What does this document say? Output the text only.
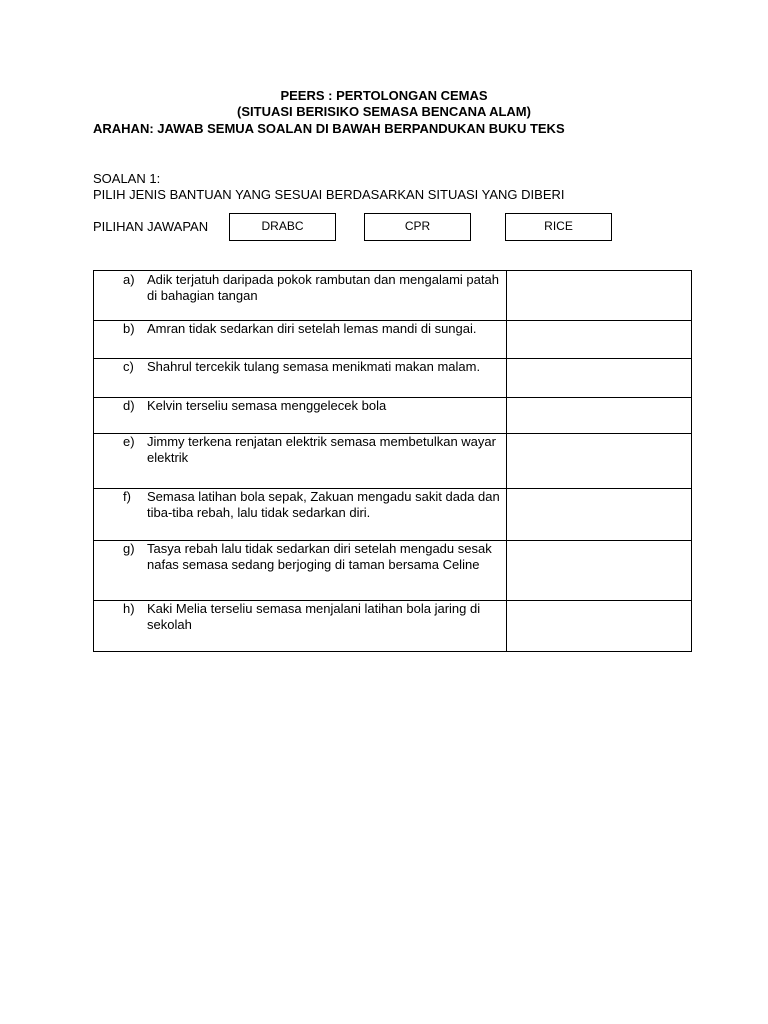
PEERS : PERTOLONGAN CEMAS
(SITUASI BERISIKO SEMASA BENCANA ALAM)
ARAHAN: JAWAB SEMUA SOALAN DI BAWAH BERPANDUKAN BUKU TEKS
SOALAN 1:
PILIH JENIS BANTUAN YANG SESUAI BERDASARKAN SITUASI YANG DIBERI
PILIHAN JAWAPAN	DRABC	CPR	RICE
a) Adik terjatuh daripada pokok rambutan dan mengalami patah di bahagian tangan	

b) Amran tidak sedarkan diri setelah lemas mandi di sungai.	

c) Shahrul tercekik tulang semasa menikmati makan malam.	

d) Kelvin terseliu semasa menggelecek bola	

e) Jimmy terkena renjatan elektrik semasa membetulkan wayar elektrik	

f) Semasa latihan bola sepak, Zakuan mengadu sakit dada dan tiba-tiba rebah, lalu tidak sedarkan diri.	

g) Tasya rebah lalu tidak sedarkan diri setelah mengadu sesak nafas semasa sedang berjoging di taman bersama Celine	

h) Kaki Melia terseliu semasa menjalani latihan bola jaring di sekolah	
